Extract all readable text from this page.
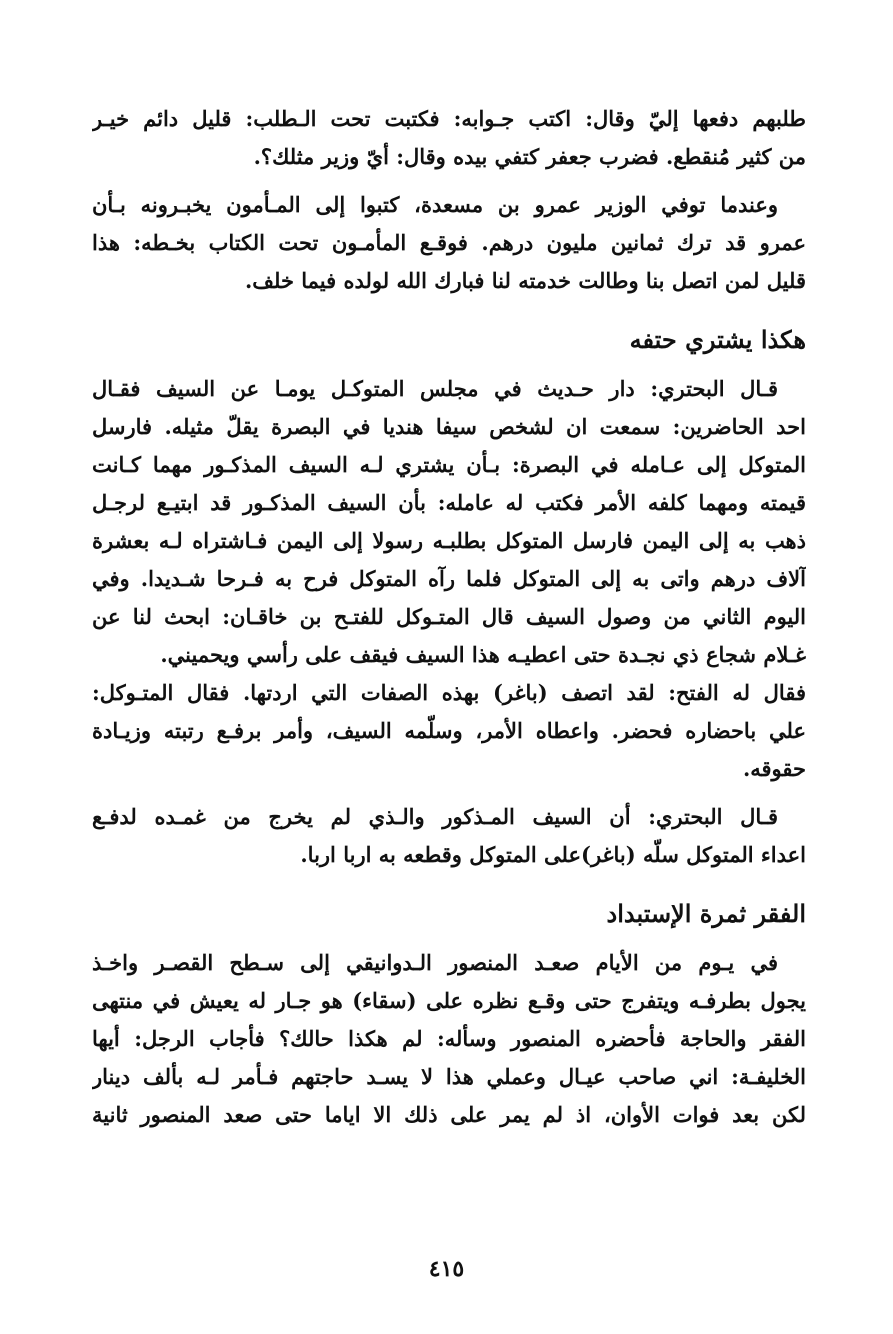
طلبهم دفعها إليّ وقال: اكتب جـوابه: فكتبت تحت الـطلب: قليل دائم خيـر
من كثير مُنقطع. فضرب جعفر كتفي بيده وقال: أيّ وزير مثلك؟.
وعندما توفي الوزير عمرو بن مسعدة، كتبوا إلى المـأمون يخبـرونه بـأن
عمرو قد ترك ثمانين مليون درهم. فوقـع المأمـون تحت الكتاب بخـطه: هذا
قليل لمن اتصل بنا وطالت خدمته لنا فبارك الله لولده فيما خلف.
هكذا يشتري حتفه
قـال البحتري: دار حـديث في مجلس المتوكـل يومـا عن السيف فقـال
احد الحاضرين: سمعت ان لشخص سيفا هنديا في البصرة يقلّ مثيله. فارسل
المتوكل إلى عـامله في البصرة: بـأن يشتري لـه السيف المذكـور مهما كـانت
قيمته ومهما كلفه الأمر فكتب له عامله: بأن السيف المذكـور قد ابتيـع لرجـل
ذهب به إلى اليمن فارسل المتوكل بطلبـه رسولا إلى اليمن فـاشتراه لـه بعشرة
آلاف درهم واتى به إلى المتوكل فلما رآه المتوكل فرح به فـرحا شـديدا. وفي
اليوم الثاني من وصول السيف قال المتـوكل للفتـح بن خاقـان: ابحث لنا عن
غـلام شجاع ذي نجـدة حتى اعطيـه هذا السيف فيقف على رأسي ويحميني.
فقال له الفتح: لقد اتصف (باغر) بهذه الصفات التي اردتها. فقال المتـوكل:
علي باحضاره فحضر. واعطاه الأمر، وسلّمه السيف، وأمر برفـع رتبته وزيـادة
حقوقه.
قـال البحتري: أن السيف المـذكور والـذي لم يخرج من غمـده لدفـع
اعداء المتوكل سلّه (باغر)على المتوكل وقطعه به اربا اربا.
الفقر ثمرة الإستبداد
في يـوم من الأيام صعـد المنصور الـدوانيقي إلى سـطح القصـر واخـذ
يجول بطرفـه ويتفرج حتى وقـع نظره على (سقاء) هو جـار له يعيش في منتهى
الفقر والحاجة فأحضره المنصور وسأله: لم هكذا حالك؟ فأجاب الرجل: أيها
الخليفـة: اني صاحب عيـال وعملي هذا لا يسـد حاجتهم فـأمر لـه بألف دينار
لكن بعد فوات الأوان، اذ لم يمر على ذلك الا اياما حتى صعد المنصور ثانية
٤١٥
